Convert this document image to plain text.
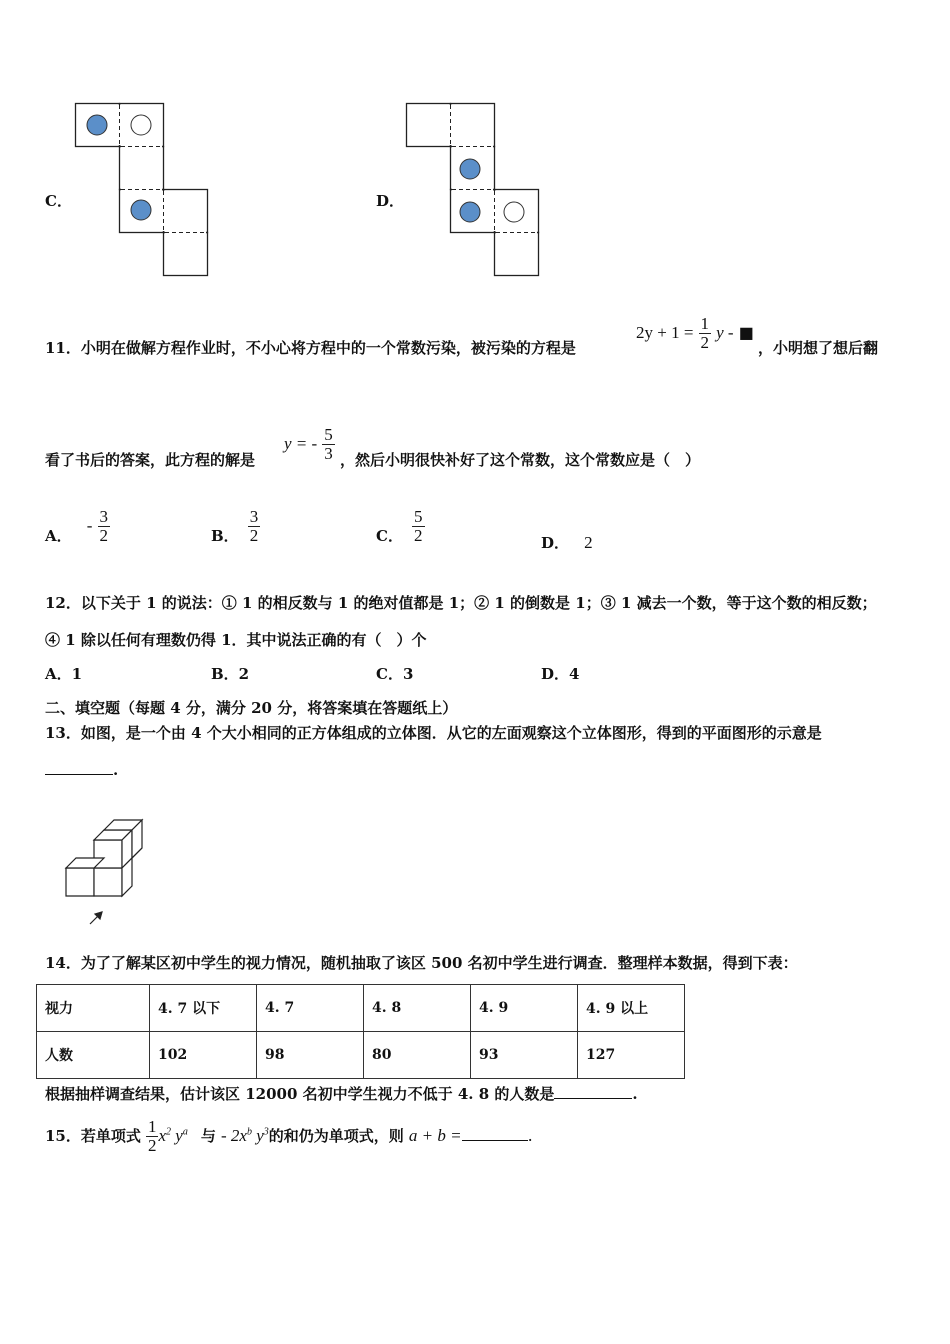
C．	D．
11．小明在做解方程作业时，不小心将方程中的一个常数污染，被污染的方程是
$2y + 1 = \frac{1}{2}$ y - ■
，小明想了想后翻
看了书后的答案，此方程的解是
y = - $\frac{5}{3}$ ，然后小明很快补好了这个常数，这个常数应是（　）
A． - $\frac{3}{2}$	B． $\frac{3}{2}$	C． $\frac{5}{2}$	D． 2
12．以下关于 1 的说法：① 1 的相反数与 1 的绝对值都是 1；② 1 的倒数是 1；③ 1 减去一个数，等于这个数的相反数；
④ 1 除以任何有理数仍得 1．其中说法正确的有（　）个
A．1	B．2	C．3	D．4
二、填空题（每题 4 分，满分 20 分，将答案填在答题纸上）
13．如图，是一个由 4 个大小相同的正方体组成的立体图．从它的左面观察这个立体图形，得到的平面图形的示意是
.
14．为了了解某区初中学生的视力情况，随机抽取了该区 500 名初中学生进行调查．整理样本数据，得到下表：
视力	4. 7 以下	4. 7	4. 8	4. 9	4. 9 以上
人数	102	98	80	93	127
根据抽样调查结果，估计该区 12000 名初中学生视力不低于 4. 8 的人数是	.
15．若单项式 $\frac{1}{2} x^2$ $y^a$ 与 - $2x^b$ $y^3$的和仍为单项式，则 a + b =	.
